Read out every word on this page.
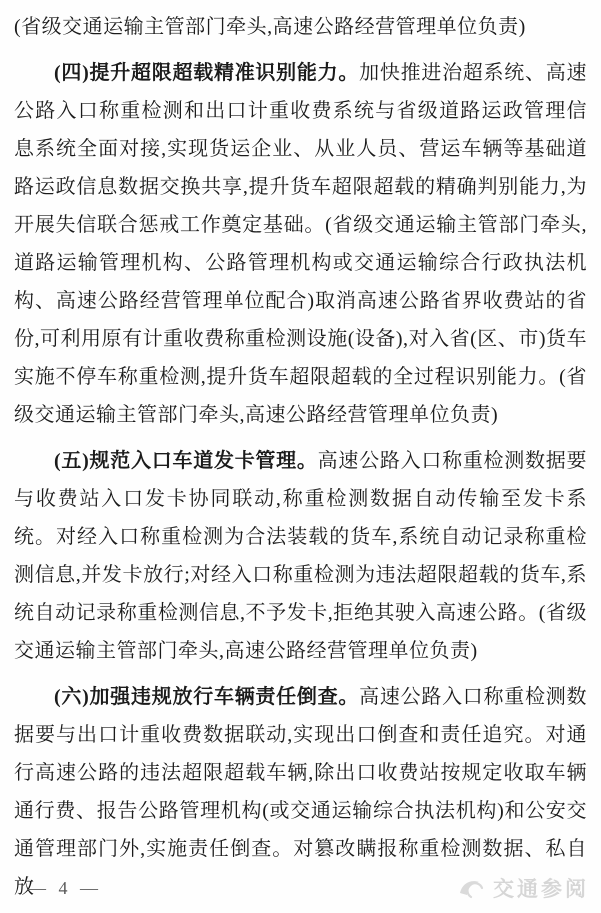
(省级交通运输主管部门牵头,高速公路经营管理单位负责)

(四)提升超限超载精准识别能力。加快推进治超系统、高速公路入口称重检测和出口计重收费系统与省级道路运政管理信息系统全面对接,实现货运企业、从业人员、营运车辆等基础道路运政信息数据交换共享,提升货车超限超载的精确判别能力,为开展失信联合惩戒工作奠定基础。(省级交通运输主管部门牵头,道路运输管理机构、公路管理机构或交通运输综合行政执法机构、高速公路经营管理单位配合)取消高速公路省界收费站的省份,可利用原有计重收费称重检测设施(设备),对入省(区、市)货车实施不停车称重检测,提升货车超限超载的全过程识别能力。(省级交通运输主管部门牵头,高速公路经营管理单位负责)

(五)规范入口车道发卡管理。高速公路入口称重检测数据要与收费站入口发卡协同联动,称重检测数据自动传输至发卡系统。对经入口称重检测为合法装载的货车,系统自动记录称重检测信息,并发卡放行;对经入口称重检测为违法超限超载的货车,系统自动记录称重检测信息,不予发卡,拒绝其驶入高速公路。(省级交通运输主管部门牵头,高速公路经营管理单位负责)

(六)加强违规放行车辆责任倒查。高速公路入口称重检测数据要与出口计重收费数据联动,实现出口倒查和责任追究。对通行高速公路的违法超限超载车辆,除出口收费站按规定收取车辆通行费、报告公路管理机构(或交通运输综合执法机构)和公安交通管理部门外,实施责任倒查。对篡改瞒报称重检测数据、私自放

— 4 —	交通参阅
